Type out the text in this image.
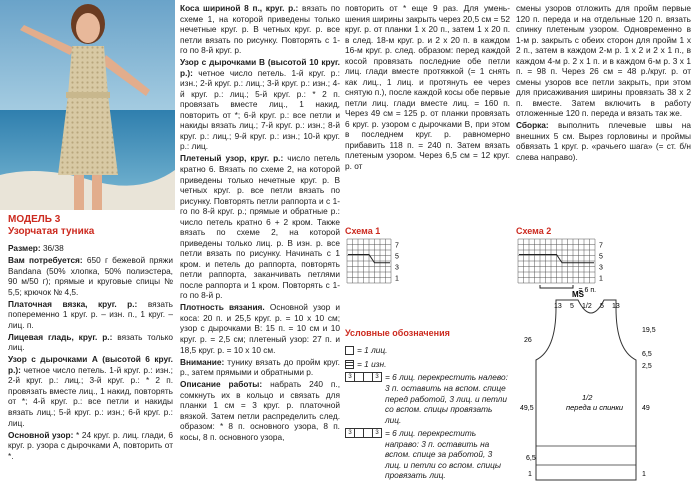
МОДЕЛЬ 3

Узорчатая туника

Размер: 36/38

Вам потребуется: 650 г бежевой пряжи Bandana (50% хлопка, 50% полиэстера, 90 м/50 г); прямые и круговые спицы № 5,5; крючок № 4,5.

Платочная вязка, круг. р.: вязать попеременно 1 круг. р. – изн. п., 1 круг. – лиц. п.

Лицевая гладь, круг. р.: вязать только лиц.

Узор с дырочками А (высотой 6 круг. р.): четное число петель. 1-й круг. р.: изн.; 2-й круг. р.: лиц.; 3-й круг. р.: * 2 п. провязать вместе лиц., 1 накид, повторять от *; 4-й круг. р.: все петли и накиды вязать лиц.; 5-й круг. р.: изн.; 6-й круг. р.: лиц.

Основной узор: * 24 круг. р. лиц. глади, 6 круг. р. узора с дырочками А, повторить от *.

Коса шириной 8 п., круг. р.: вязать по схеме 1, на которой приведены только нечетные круг. р. В четных круг. р. все петли вязать по рисунку. Повторять с 1-го по 8-й круг. р.

Узор с дырочками В (высотой 10 круг. р.): четное число петель. 1-й круг. р.: изн.; 2-й круг. р.: лиц.; 3-й круг. р.: изн.; 4-й круг. р.: лиц.; 5-й круг. р.: * 2 п. провязать вместе лиц., 1 накид, повторить от *; 6-й круг. р.: все петли и накиды вязать лиц.; 7-й круг. р.: изн.; 8-й круг. р.: лиц.; 9-й круг. р.: изн.; 10-й круг. р.: лиц.

Плетеный узор, круг. р.: число петель кратно 6. Вязать по схеме 2, на которой приведены только нечетные круг. р. В четных круг. р. все петли вязать по рисунку. Повторять петли раппорта и с 1-го по 8-й круг. р.; прямые и обратные р.: число петель кратно 6 + 2 кром. Также вязать по схеме 2, на которой приведены только лиц. р. В изн. р. все петли вязать по рисунку. Начинать с 1 кром. и петель до раппорта, повторять петли раппорта, заканчивать петлями после раппорта и 1 кром. Повторять с 1-го по 8-й р.

Плотность вязания. Основной узор и коса: 20 п. и 25,5 круг. р. = 10 х 10 см; узор с дырочками В: 15 п. = 10 см и 10 круг. р. = 2,5 см; плетеный узор: 27 п. и 18,5 круг. р. = 10 х 10 см.

Внимание: тунику вязать до пройм круг. р., затем прямыми и обратными р.

Описание работы: набрать 240 п., сомкнуть их в кольцо и связать для планки 1 см = 3 круг. р. платочной вязкой. Затем петли распределить след. образом: * 8 п. основного узора, 8 п. косы, 8 п. основного узора,

повторить от * еще 9 раз. Для уменьшения ширины закрыть через 20,5 см = 52 круг. р. от планки 1 х 20 п., затем 1 х 20 п. в след. 18-м круг. р. и 2 х 20 п. в каждом 16-м круг. р. след. образом: перед каждой косой провязать последние обе петли лиц. глади вместе протяжкой (= 1 снять как лиц., 1 лиц. и протянуть ее через снятую п.), после каждой косы обе первые петли лиц. глади вместе лиц. = 160 п. Через 49 см = 125 р. от планки провязать 6 круг. р. узором с дырочками В, при этом в последнем круг. р. равномерно прибавить 118 п. = 240 п. Затем вязать плетеным узором. Через 6,5 см = 12 круг. р. от

Схема 1
7
5
3
1
Условные обозначения
= 1 лиц.
= 1 изн.
3	3 = 6 лиц. перекрестить налево: 3 п. оставить на вспом. спице перед работой, 3 лиц. и петли со вспом. спицы провязать лиц.
3	3 = 6 лиц. перекрестить направо: 3 п. оставить на вспом. спице за работой, 3 лиц. и петли со вспом. спицы провязать лиц.

смены узоров отложить для пройм первые 120 п. переда и на отдельные 120 п. вязать спинку плетеным узором. Одновременно в 1-м р. закрыть с обеих сторон для пройм 1 х 2 п., затем в каждом 2-м р. 1 х 2 и 2 х 1 п., в каждом 4-м р. 2 х 1 п. и в каждом 6-м р. 3 х 1 п. = 98 п. Через 26 см = 48 р./круг. р. от смены узоров все петли закрыть, при этом для присаживания ширины провязать 38 х 2 п. вместе. Затем включить в работу отложенные 120 п. переда и вязать так же.

Сборка: выполнить плечевые швы на внешних 5 см. Вырез горловины и проймы обвязать 1 круг. р. «рачьего шага» (= ст. б/н слева направо).

Схема 2
7
5
3
1
= 6 п.
MS
13 5 1/2 5 13
26
49,5
6,5
1
19,5
6,5
2,5
49
1
1/2
переда и спинки
